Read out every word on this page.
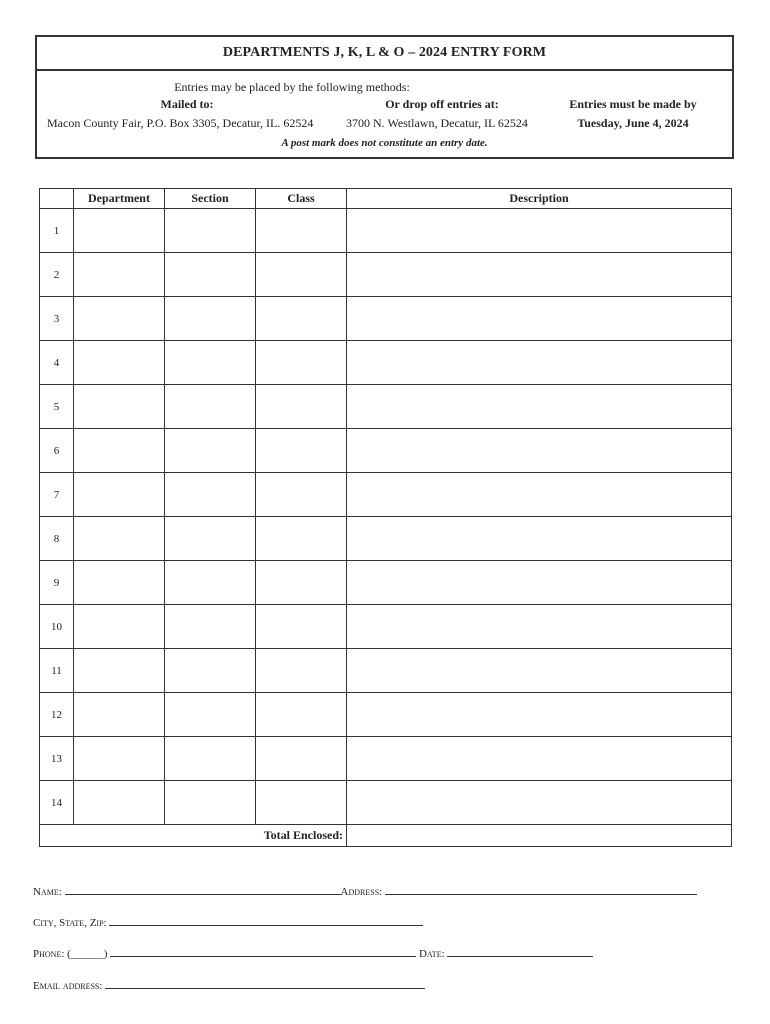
DEPARTMENTS J, K, L & O – 2024 ENTRY FORM
Entries may be placed by the following methods:
Mailed to:
Macon County Fair, P.O. Box 3305, Decatur, IL. 62524
Or drop off entries at:
3700 N. Westlawn, Decatur, IL 62524
Entries must be made by
Tuesday, June 4, 2024
A post mark does not constitute an entry date.
	Department	Section	Class	Description
1				
2				
3				
4				
5				
6				
7				
8				
9				
10				
11				
12				
13				
14				
Total Enclosed:				
Name:	Address:
City, State, Zip:
Phone: (______)	Date:
Email address:
